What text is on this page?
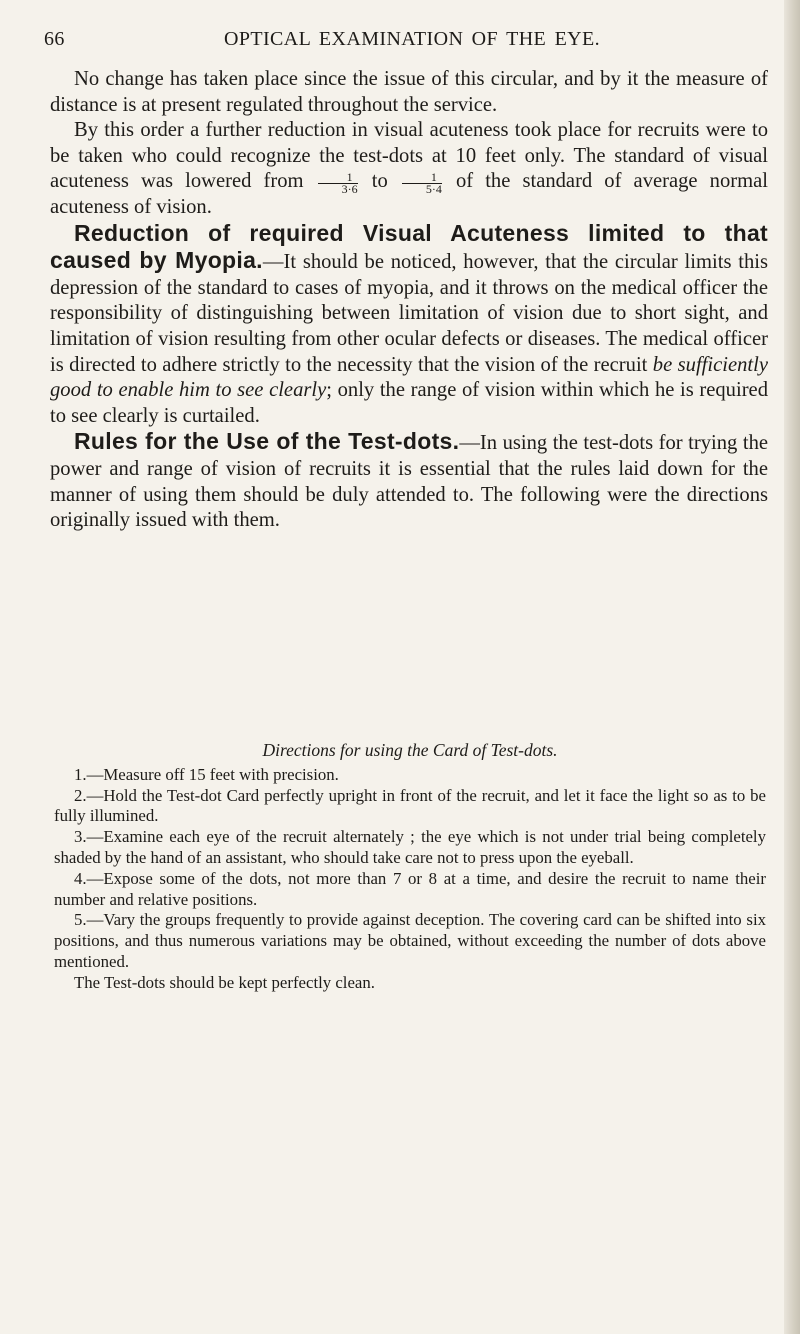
66	OPTICAL EXAMINATION OF THE EYE.

No change has taken place since the issue of this circular, and by it the measure of distance is at present regulated throughout the service.

By this order a further reduction in visual acuteness took place for recruits were to be taken who could recognize the test-dots at 10 feet only. The standard of visual acuteness was lowered from $\frac{1}{3\cdot 6}$ to $\frac{1}{5\cdot 4}$ of the standard of average normal acuteness of vision.

Reduction of required Visual Acuteness limited to that caused by Myopia.—It should be noticed, however, that the circular limits this depression of the standard to cases of myopia, and it throws on the medical officer the responsibility of distinguishing between limitation of vision due to short sight, and limitation of vision resulting from other ocular defects or diseases. The medical officer is directed to adhere strictly to the necessity that the vision of the recruit be sufficiently good to enable him to see clearly; only the range of vision within which he is required to see clearly is curtailed.

Rules for the Use of the Test-dots.—In using the test-dots for trying the power and range of vision of recruits it is essential that the rules laid down for the manner of using them should be duly attended to. The following were the directions originally issued with them.

Directions for using the Card of Test-dots.

1.—Measure off 15 feet with precision.

2.—Hold the Test-dot Card perfectly upright in front of the recruit, and let it face the light so as to be fully illumined.

3.—Examine each eye of the recruit alternately ; the eye which is not under trial being completely shaded by the hand of an assistant, who should take care not to press upon the eyeball.

4.—Expose some of the dots, not more than 7 or 8 at a time, and desire the recruit to name their number and relative positions.

5.—Vary the groups frequently to provide against deception. The covering card can be shifted into six positions, and thus numerous variations may be obtained, without exceeding the number of dots above mentioned.

The Test-dots should be kept perfectly clean.
